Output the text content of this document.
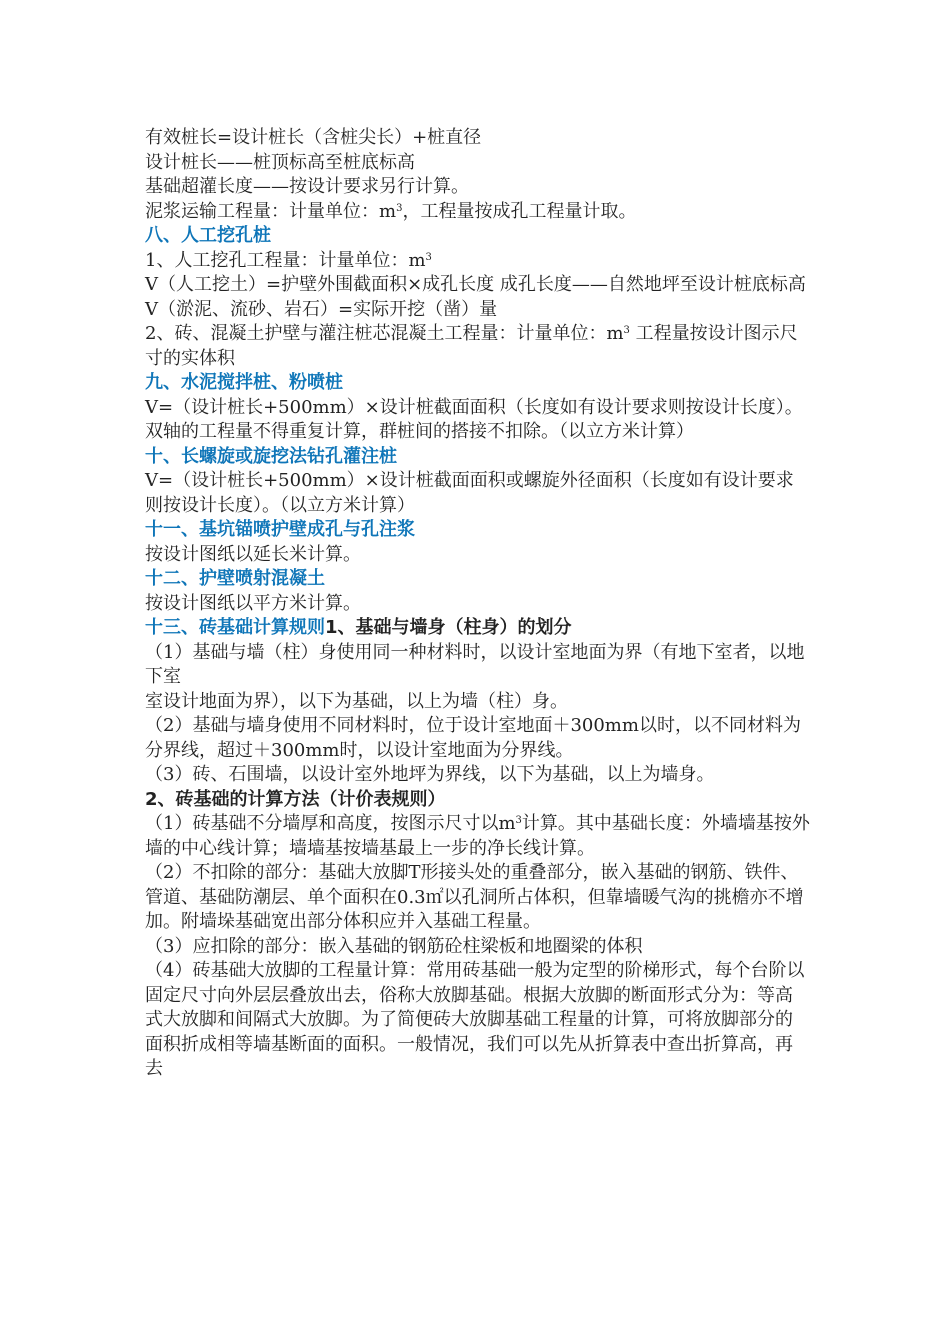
有效桩长=设计桩长（含桩尖长）+桩直径

设计桩长——桩顶标高至桩底标高

基础超灌长度——按设计要求另行计算。

泥浆运输工程量：计量单位：$m^3$，工程量按成孔工程量计取。

八、人工挖孔桩

1、人工挖孔工程量：计量单位：$m^3$

V（人工挖土）=护壁外围截面积×成孔长度 成孔长度——自然地坪至设计桩底标高

V（淤泥、流砂、岩石）=实际开挖（凿）量

2、砖、混凝土护壁与灌注桩芯混凝土工程量：计量单位：$m^3$ 工程量按设计图示尺寸的实体积

九、水泥搅拌桩、粉喷桩

V=（设计桩长+500mm）×设计桩截面面积（长度如有设计要求则按设计长度）。双轴的工程量不得重复计算，群桩间的搭接不扣除。（以立方米计算）

十、长螺旋或旋挖法钻孔灌注桩

V=（设计桩长+500mm）×设计桩截面面积或螺旋外径面积（长度如有设计要求则按设计长度）。（以立方米计算）

十一、基坑锚喷护壁成孔与孔注浆

按设计图纸以延长米计算。

十二、护壁喷射混凝土

按设计图纸以平方米计算。

十三、砖基础计算规则1、基础与墙身（柱身）的划分

（1）基础与墙（柱）身使用同一种材料时，以设计室地面为界（有地下室者，以地下室

室设计地面为界），以下为基础，以上为墙（柱）身。

（2）基础与墙身使用不同材料时，位于设计室地面＋300mm以时，以不同材料为分界线，超过＋300mm时，以设计室地面为分界线。

（3）砖、石围墙，以设计室外地坪为界线，以下为基础，以上为墙身。

2、砖基础的计算方法（计价表规则）

（1）砖基础不分墙厚和高度，按图示尺寸以$m^3$计算。其中基础长度：外墙墙基按外墙的中心线计算；墙墙基按墙基最上一步的净长线计算。

（2）不扣除的部分：基础大放脚T形接头处的重叠部分，嵌入基础的钢筋、铁件、管道、基础防潮层、单个面积在0.3㎡以孔洞所占体积，但靠墙暖气沟的挑檐亦不增加。附墙垛基础宽出部分体积应并入基础工程量。

（3）应扣除的部分：嵌入基础的钢筋砼柱梁板和地圈梁的体积

（4）砖基础大放脚的工程量计算：常用砖基础一般为定型的阶梯形式，每个台阶以固定尺寸向外层层叠放出去，俗称大放脚基础。根据大放脚的断面形式分为：等高式大放脚和间隔式大放脚。为了简便砖大放脚基础工程量的计算，可将放脚部分的面积折成相等墙基断面的面积。一般情况，我们可以先从折算表中查出折算高，再去
